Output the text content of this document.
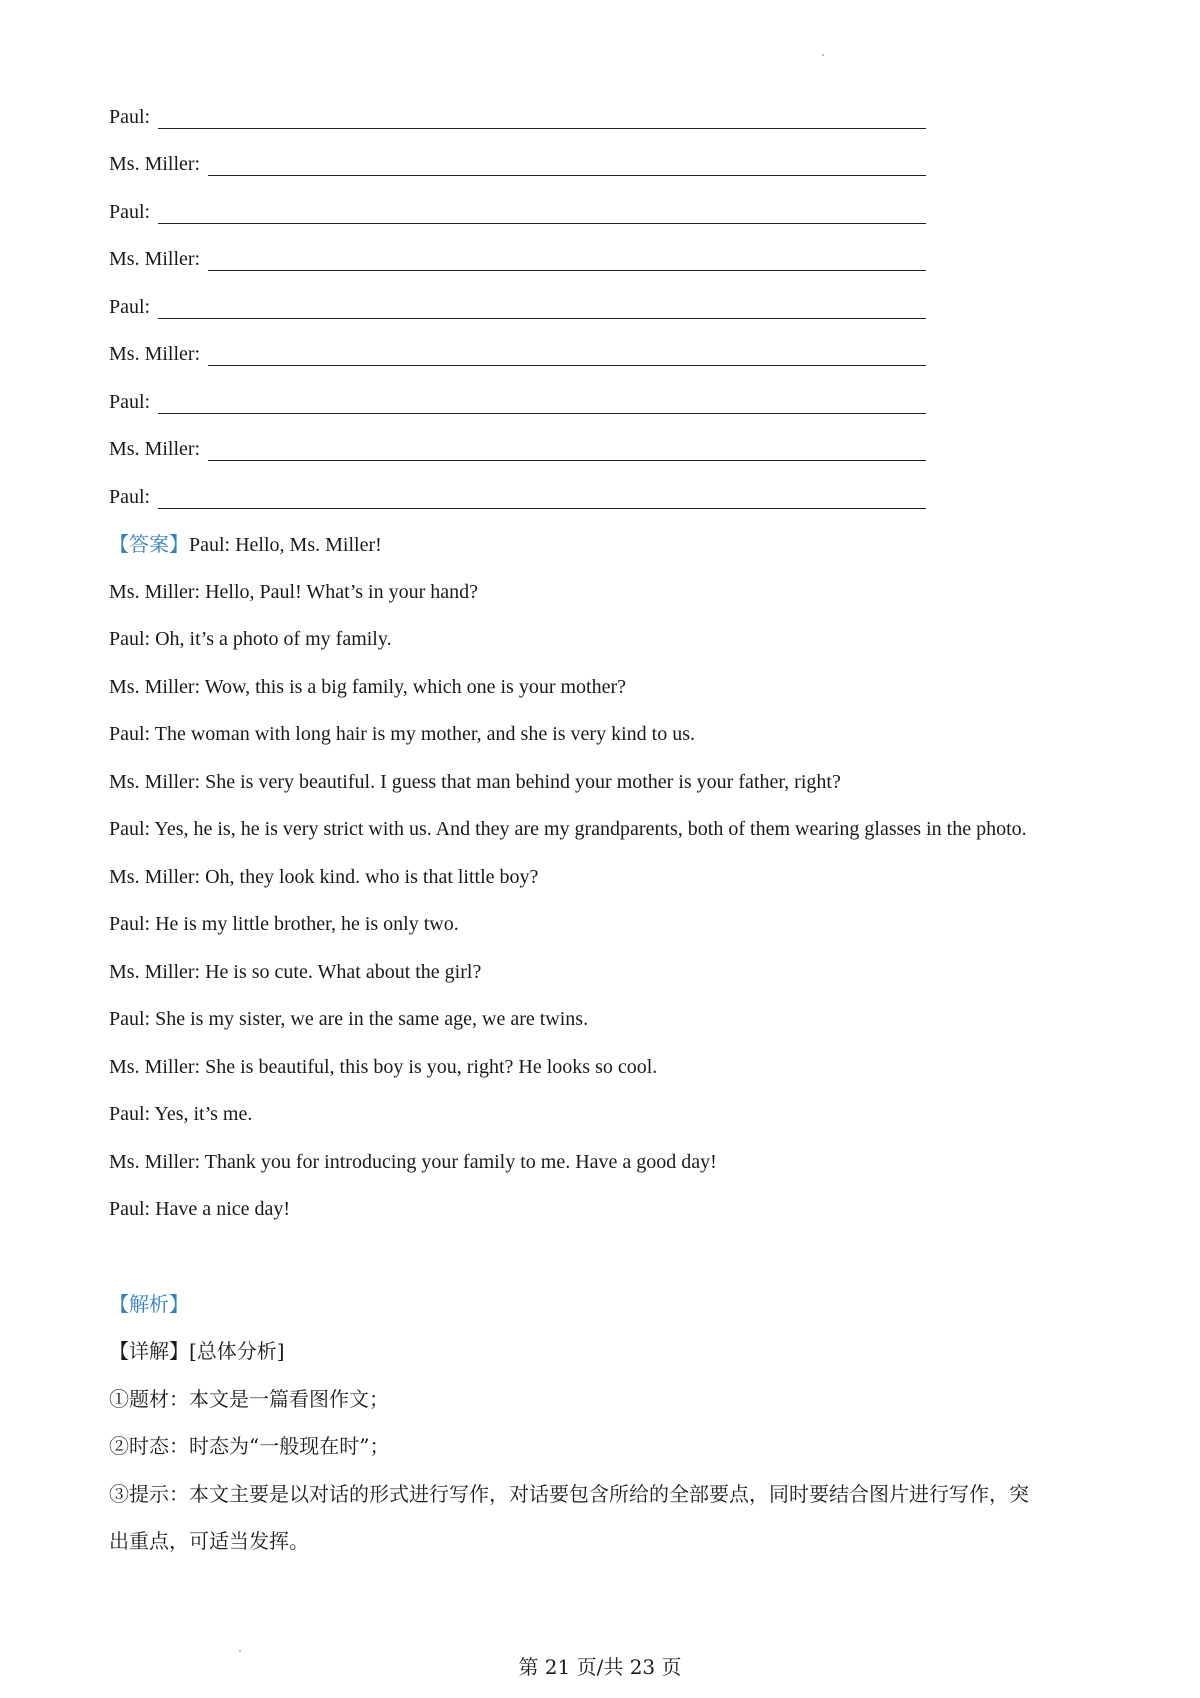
Paul:
Ms. Miller:
Paul:
Ms. Miller:
Paul:
Ms. Miller:
Paul:
Ms. Miller:
Paul:
【答案】Paul: Hello, Ms. Miller!
Ms. Miller: Hello, Paul! What’s in your hand?
Paul: Oh, it’s a photo of my family.
Ms. Miller: Wow, this is a big family, which one is your mother?
Paul: The woman with long hair is my mother, and she is very kind to us.
Ms. Miller: She is very beautiful. I guess that man behind your mother is your father, right?
Paul: Yes, he is, he is very strict with us. And they are my grandparents, both of them wearing glasses in the photo.
Ms. Miller: Oh, they look kind. who is that little boy?
Paul: He is my little brother, he is only two.
Ms. Miller: He is so cute. What about the girl?
Paul: She is my sister, we are in the same age, we are twins.
Ms. Miller: She is beautiful, this boy is you, right? He looks so cool.
Paul: Yes, it’s me.
Ms. Miller: Thank you for introducing your family to me. Have a good day!
Paul: Have a nice day!
【解析】
【详解】[总体分析]
①题材：本文是一篇看图作文；
②时态：时态为“一般现在时”；
③提示：本文主要是以对话的形式进行写作，对话要包含所给的全部要点，同时要结合图片进行写作，突
出重点，可适当发挥。
第 21 页/共 23 页
